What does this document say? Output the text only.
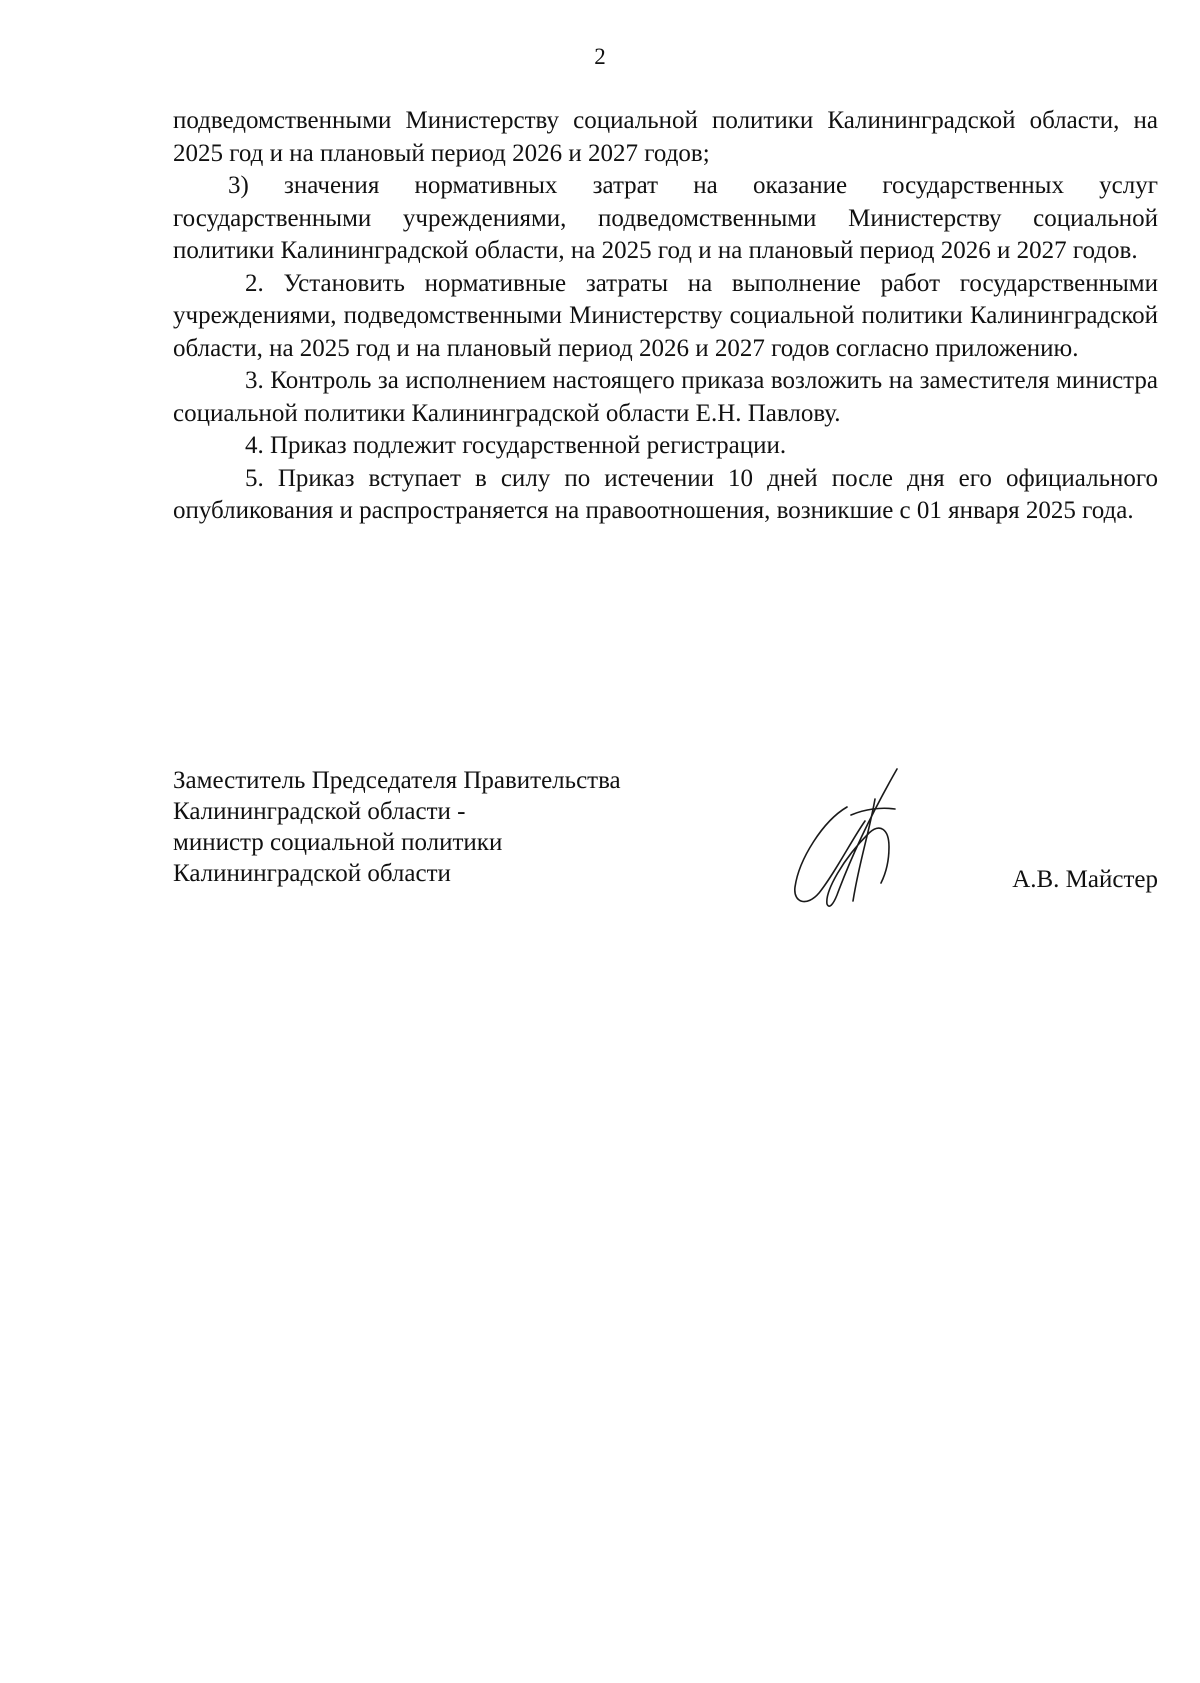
2

подведомственными Министерству социальной политики Калининградской области, на 2025 год и на плановый период 2026 и 2027 годов;

3) значения нормативных затрат на оказание государственных услуг государственными учреждениями, подведомственными Министерству социальной политики Калининградской области, на 2025 год и на плановый период 2026 и 2027 годов.

2. Установить нормативные затраты на выполнение работ государственными учреждениями, подведомственными Министерству социальной политики Калининградской области, на 2025 год и на плановый период 2026 и 2027 годов согласно приложению.

3. Контроль за исполнением настоящего приказа возложить на заместителя министра социальной политики Калининградской области Е.Н. Павлову.

4. Приказ подлежит государственной регистрации.

5. Приказ вступает в силу по истечении 10 дней после дня его официального опубликования и распространяется на правоотношения, возникшие с 01 января 2025 года.

Заместитель Председателя Правительства
Калининградской области -
министр социальной политики
Калининградской области	А.В. Майстер
